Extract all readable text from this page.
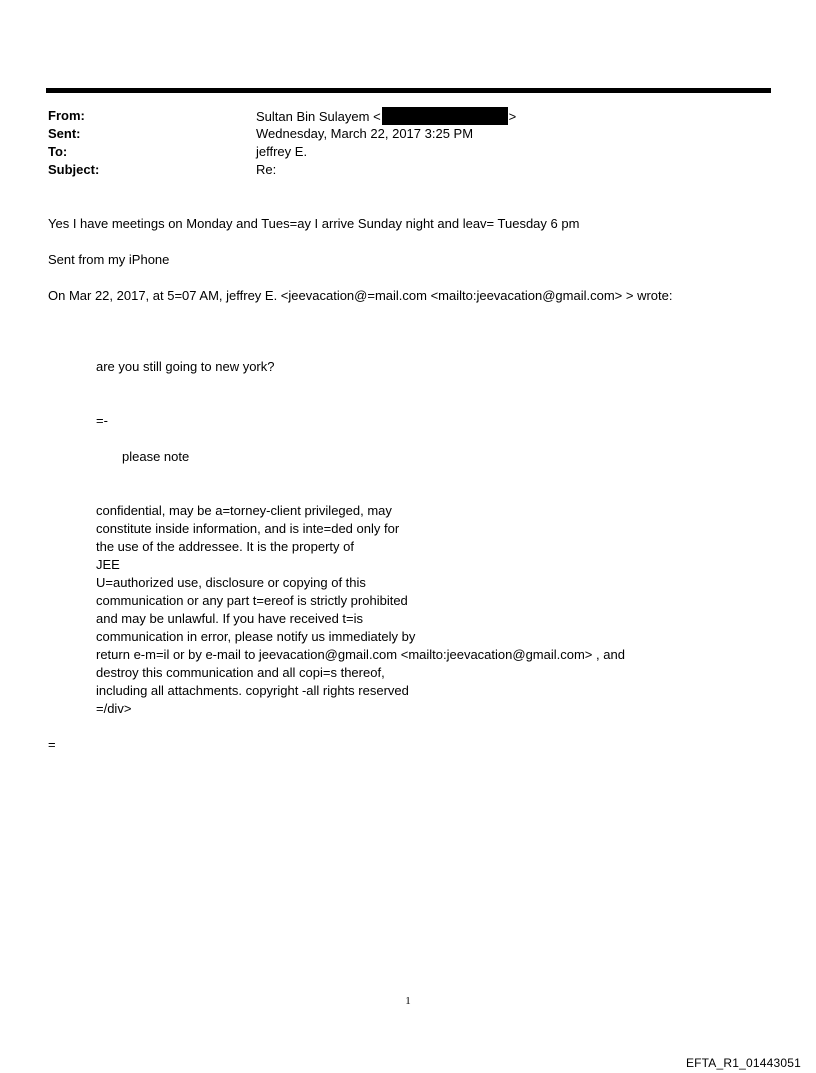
From:	Sultan Bin Sulayem <	>
Sent:	Wednesday, March 22, 2017 3:25 PM
To:	jeffrey E.
Subject:	Re:
Yes I have meetings on Monday and Tues=ay I arrive Sunday night and leav= Tuesday 6 pm
Sent from my iPhone
On Mar 22, 2017, at 5=07 AM, jeffrey E. <jeevacation@=mail.com <mailto:jeevacation@gmail.com> > wrote:
are you still going to new york?
=-
please note
confidential, may be a=torney-client privileged, may
constitute inside information, and is inte=ded only for
the use of the addressee. It is the property of
JEE
U=authorized use, disclosure or copying of this
communication or any part t=ereof is strictly prohibited
and may be unlawful. If you have received t=is
communication in error, please notify us immediately by
return e-m=il or by e-mail to jeevacation@gmail.com <mailto:jeevacation@gmail.com> , and
destroy this communication and all copi=s thereof,
including all attachments. copyright -all rights reserved
=/div>
=
1
EFTA_R1_01443051
